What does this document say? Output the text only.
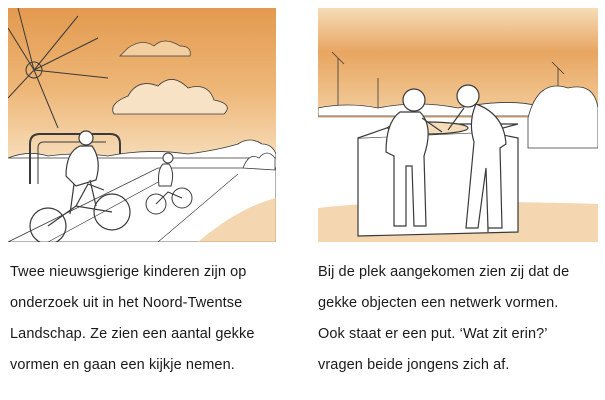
Twee nieuwsgierige kinderen zijn op
onderzoek uit in het Noord-Twentse
Landschap. Ze zien een aantal gekke
vormen en gaan een kijkje nemen.
Bij de plek aangekomen zien zij dat de
gekke objecten een netwerk vormen.
Ook staat er een put. ‘Wat zit erin?’
vragen beide jongens zich af.
